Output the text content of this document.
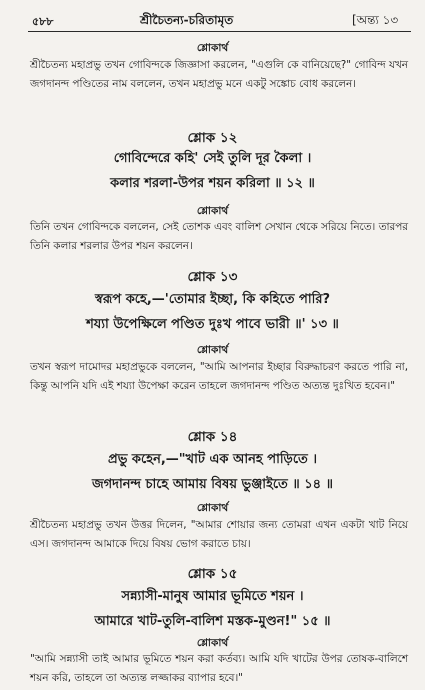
৫৮৮	শ্রীচৈতন্য-চরিতামৃত	[অন্ত্য ১৩
শ্লোকার্থ
শ্রীচৈতন্য মহাপ্রভু তখন গোবিন্দকে জিজ্ঞাসা করলেন, "এগুলি কে বানিয়েছে?" গোবিন্দ যখন জগদানন্দ পণ্ডিতের নাম বললেন, তখন মহাপ্রভু মনে একটু সঙ্কোচ বোধ করলেন।
শ্লোক ১২
গোবিন্দেরে কহি' সেই তুলি দূর কৈলা ।
কলার শরলা-উপর শয়ন করিলা ॥ ১২ ॥
শ্লোকার্থ
তিনি তখন গোবিন্দকে বললেন, সেই তোশক এবং বালিশ সেখান থেকে সরিয়ে নিতে। তারপর তিনি কলার শরলার উপর শয়ন করলেন।
শ্লোক ১৩
স্বরূপ কহে,—'তোমার ইচ্ছা, কি কহিতে পারি?
শয্যা উপেক্ষিলে পণ্ডিত দুঃখ পাবে ভারী ॥' ১৩ ॥
শ্লোকার্থ
তখন স্বরূপ দামোদর মহাপ্রভুকে বললেন, "আমি আপনার ইচ্ছার বিরুদ্ধাচরণ করতে পারি না, কিন্তু আপনি যদি এই শয্যা উপেক্ষা করেন তাহলে জগদানন্দ পণ্ডিত অত্যন্ত দুঃখিত হবেন।"
শ্লোক ১৪
প্রভু কহেন,—"খাট এক আনহ পাড়িতে ।
জগদানন্দ চাহে আমায় বিষয় ভুঞ্জাইতে ॥ ১৪ ॥
শ্লোকার্থ
শ্রীচৈতন্য মহাপ্রভু তখন উত্তর দিলেন, "আমার শোয়ার জন্য তোমরা এখন একটা খাট নিয়ে এস। জগদানন্দ আমাকে দিয়ে বিষয় ভোগ করাতে চায়।
শ্লোক ১৫
সন্ন্যাসী-মানুষ আমার ভূমিতে শয়ন ।
আমারে খাট-তুলি-বালিশ মস্তক-মুণ্ডন!" ১৫ ॥
শ্লোকার্থ
"আমি সন্ন্যাসী তাই আমার ভূমিতে শয়ন করা কর্তব্য। আমি যদি খাটের উপর তোষক-বালিশে শয়ন করি, তাহলে তা অত্যন্ত লজ্জাকর ব্যাপার হবে।"
